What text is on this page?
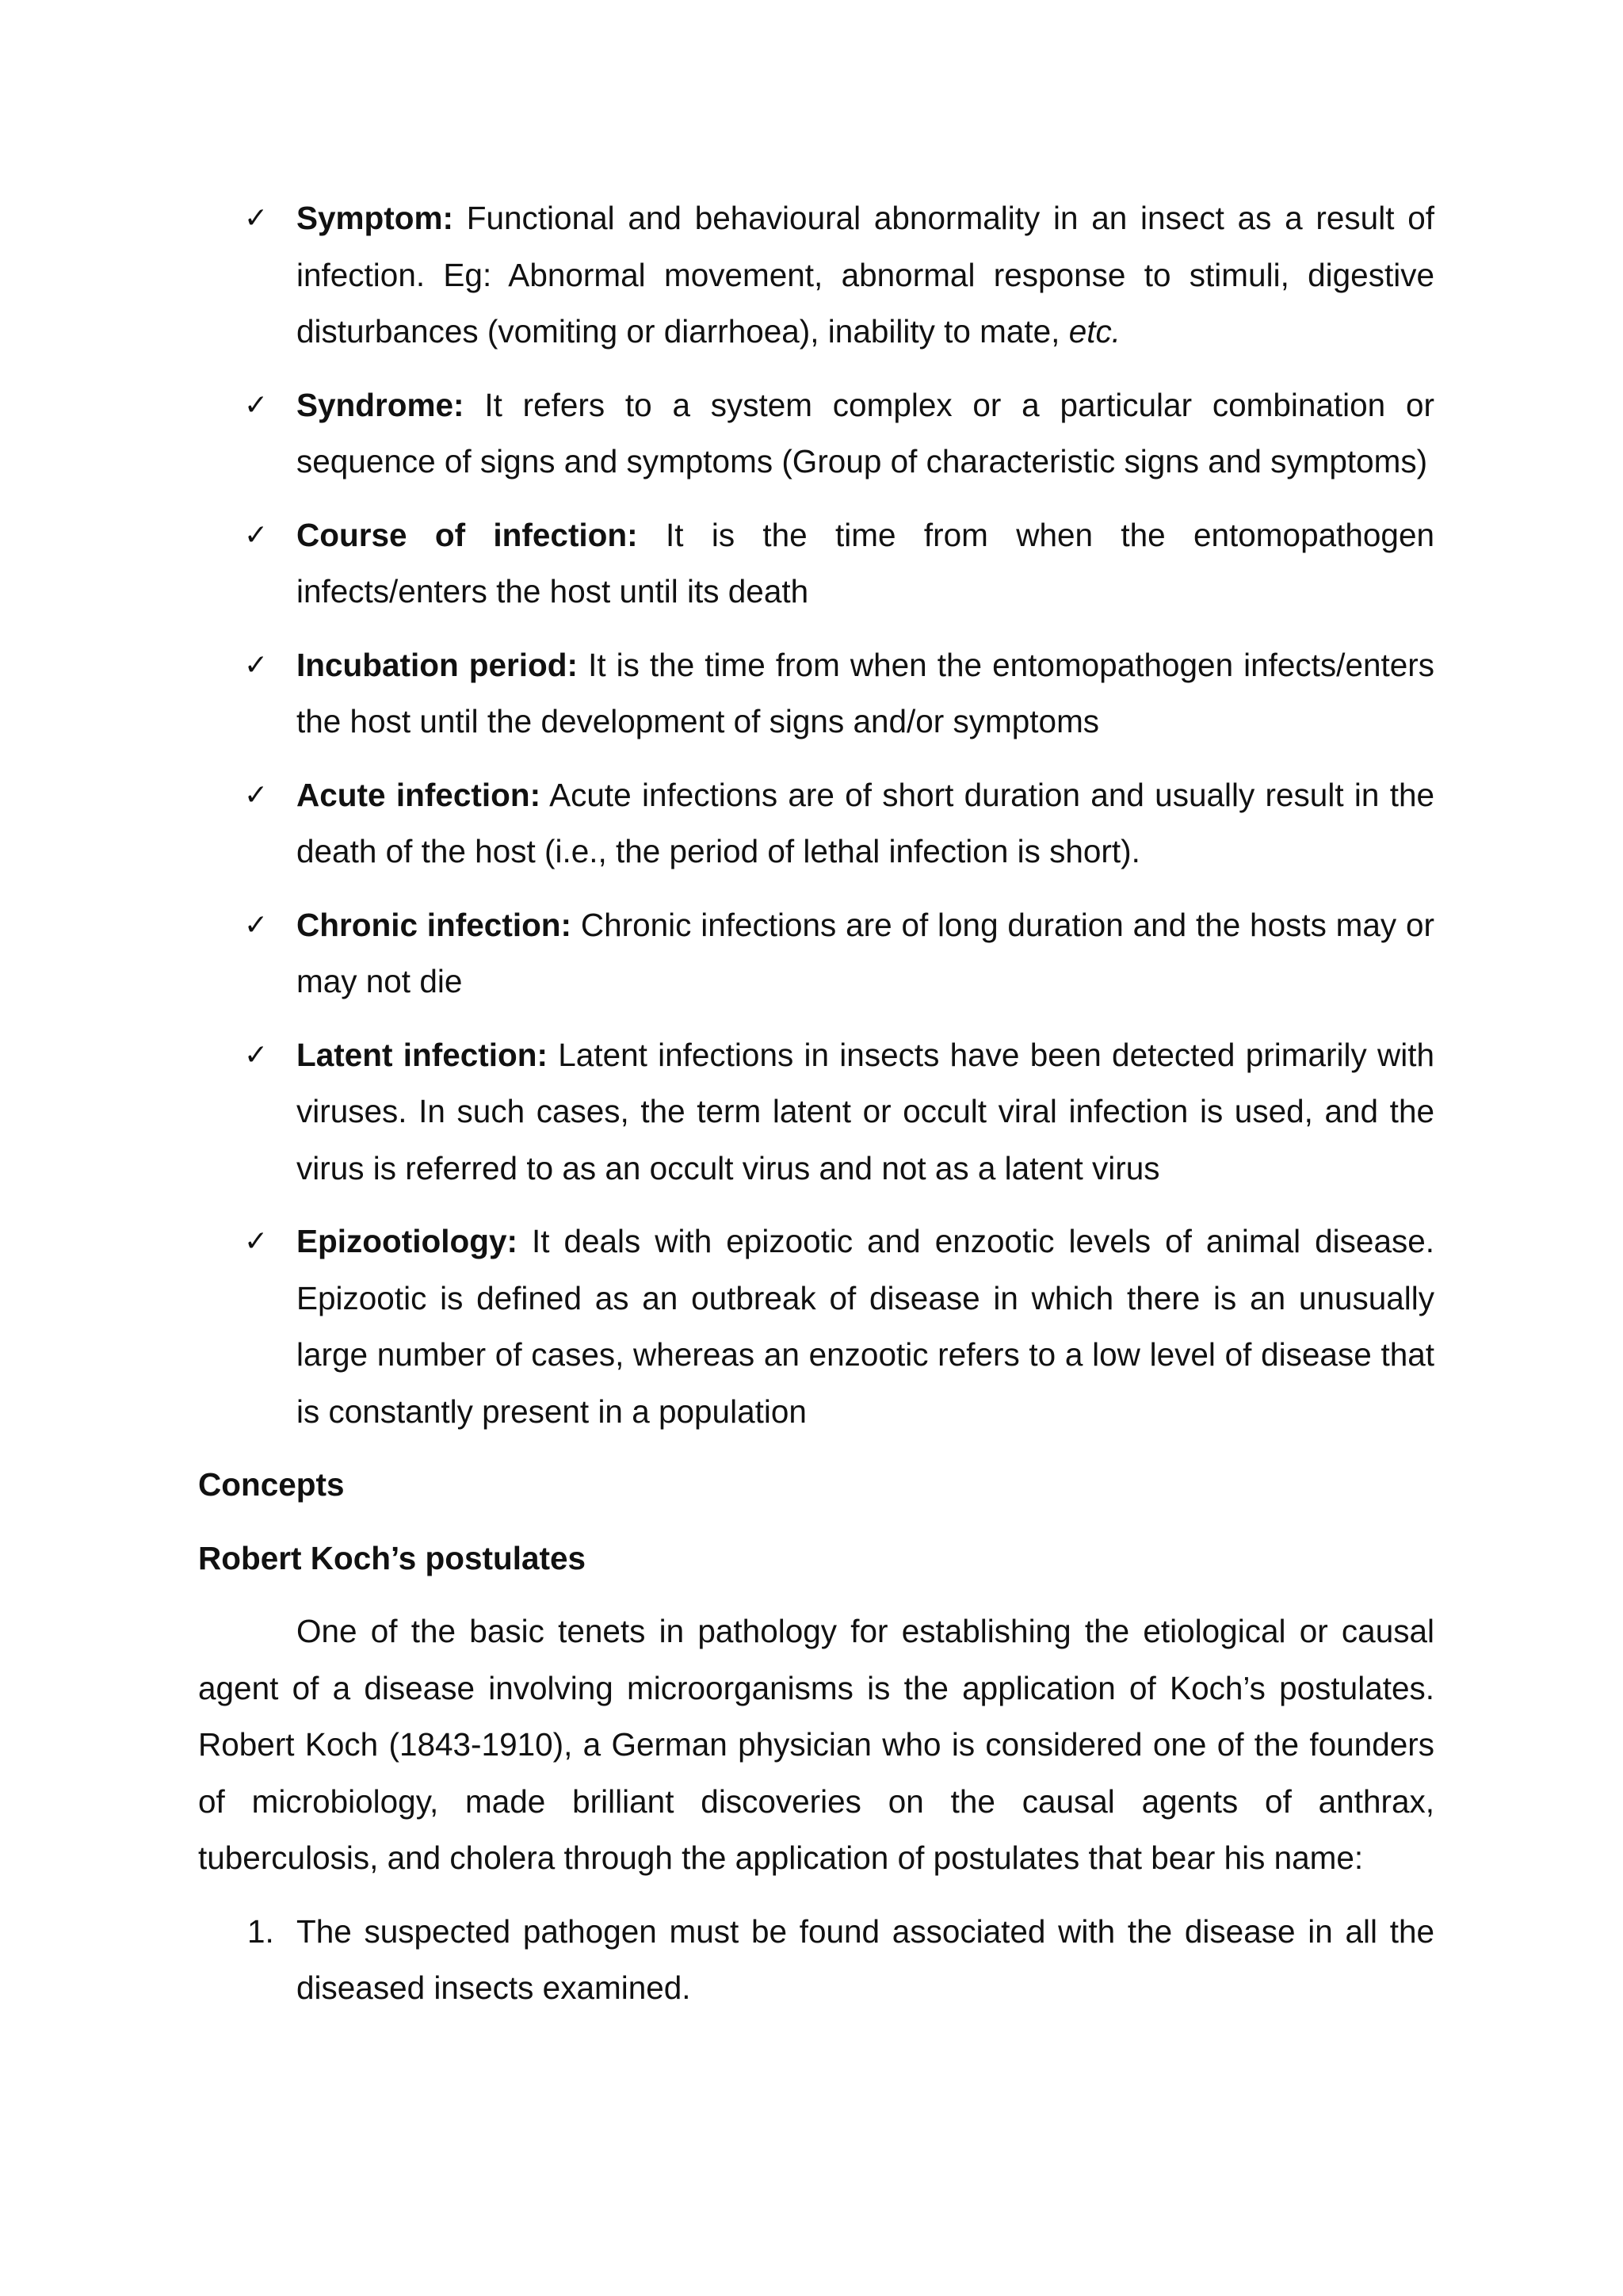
✓ Symptom: Functional and behavioural abnormality in an insect as a result of infection. Eg: Abnormal movement, abnormal response to stimuli, digestive disturbances (vomiting or diarrhoea), inability to mate, etc.
✓ Syndrome: It refers to a system complex or a particular combination or sequence of signs and symptoms (Group of characteristic signs and symptoms)
✓ Course of infection: It is the time from when the entomopathogen infects/enters the host until its death
✓ Incubation period: It is the time from when the entomopathogen infects/enters the host until the development of signs and/or symptoms
✓ Acute infection: Acute infections are of short duration and usually result in the death of the host (i.e., the period of lethal infection is short).
✓ Chronic infection: Chronic infections are of long duration and the hosts may or may not die
✓ Latent infection: Latent infections in insects have been detected primarily with viruses. In such cases, the term latent or occult viral infection is used, and the virus is referred to as an occult virus and not as a latent virus
✓ Epizootiology: It deals with epizootic and enzootic levels of animal disease. Epizootic is defined as an outbreak of disease in which there is an unusually large number of cases, whereas an enzootic refers to a low level of disease that is constantly present in a population
Concepts
Robert Koch’s postulates
One of the basic tenets in pathology for establishing the etiological or causal agent of a disease involving microorganisms is the application of Koch’s postulates. Robert Koch (1843-1910), a German physician who is considered one of the founders of microbiology, made brilliant discoveries on the causal agents of anthrax, tuberculosis, and cholera through the application of postulates that bear his name:
1. The suspected pathogen must be found associated with the disease in all the diseased insects examined.
